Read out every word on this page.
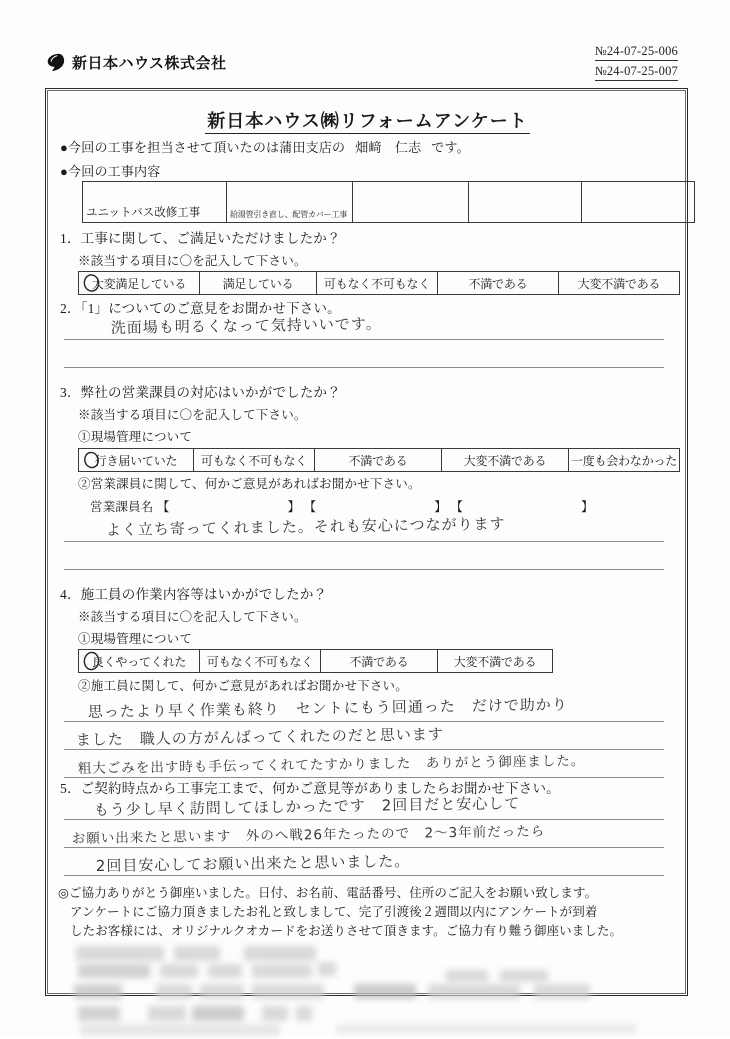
新日本ハウス株式会社
№24-07-25-006
№24-07-25-007
新日本ハウス㈱リフォームアンケート
●今回の工事を担当させて頂いたのは蒲田支店の 畑﨑　仁志 です。
●今回の工事内容
ユニットバス改修工事	給湯管引き直し、配管カバー工事

1．工事に関して、ご満足いただけましたか？
※該当する項目に〇を記入して下さい。
大変満足している	満足している	可もなく不可もなく	不満である	大変不満である
2．「1」についてのご意見をお聞かせ下さい。
洗面場も明るくなって気持いいです。
3．弊社の営業課員の対応はいかがでしたか？
※該当する項目に〇を記入して下さい。
①現場管理について
行き届いていた	可もなく不可もなく	不満である	大変不満である	一度も会わなかった
②営業課員に関して、何かご意見があればお聞かせ下さい。
営業課員名 【	】 【	】 【	】
よく立ち寄ってくれました。それも安心につながります
4．施工員の作業内容等はいかがでしたか？
※該当する項目に〇を記入して下さい。
①現場管理について
良くやってくれた	可もなく不可もなく	不満である	大変不満である
②施工員に関して、何かご意見があればお聞かせ下さい。
思ったより早く作業も終り　セントにもう回通った　だけで助かり
ました　職人の方がんばってくれたのだと思います
粗大ごみを出す時も手伝ってくれてたすかりました　ありがとう御座ました。
5．ご契約時点から工事完工まで、何かご意見等がありましたらお聞かせ下さい。
もう少し早く訪問してほしかったです　2回目だと安心して
お願い出来たと思います　外のへ戦26年たったので　2～3年前だったら
2回目安心してお願い出来たと思いました。
◎ご協力ありがとう御座いました。日付、お名前、電話番号、住所のご記入をお願い致します。
アンケートにご協力頂きましたお礼と致しまして、完了引渡後２週間以内にアンケートが到着
したお客様には、オリジナルクオカードをお送りさせて頂きます。ご協力有り難う御座いました。
